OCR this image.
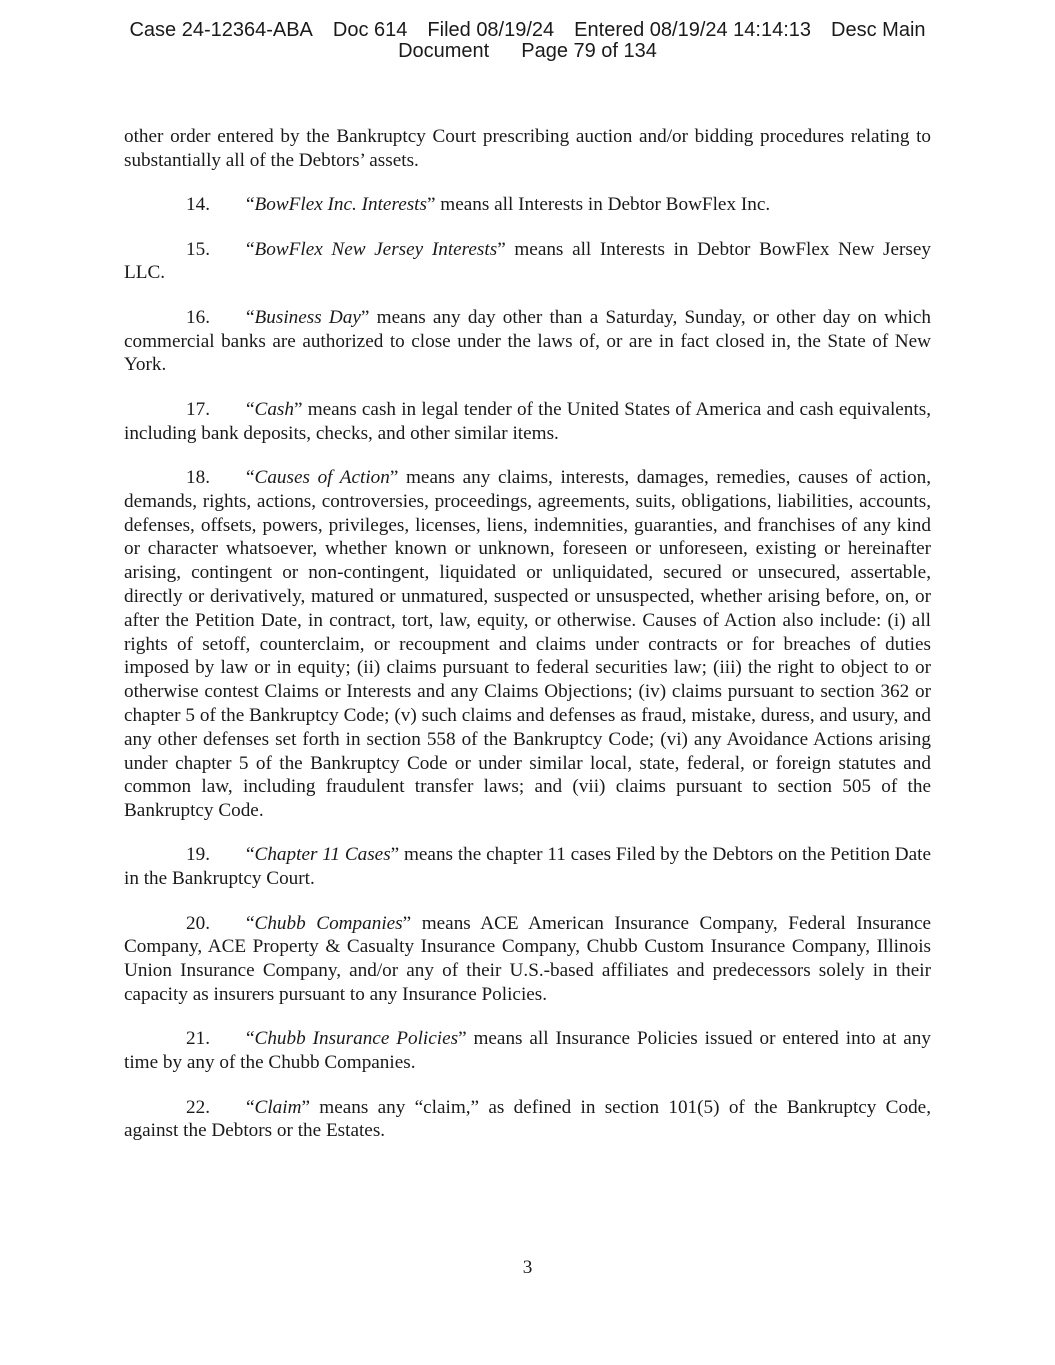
Case 24-12364-ABA Doc 614 Filed 08/19/24 Entered 08/19/24 14:14:13 Desc Main
Document Page 79 of 134

other order entered by the Bankruptcy Court prescribing auction and/or bidding procedures relating to substantially all of the Debtors’ assets.

14. “BowFlex Inc. Interests” means all Interests in Debtor BowFlex Inc.

15. “BowFlex New Jersey Interests” means all Interests in Debtor BowFlex New Jersey LLC.

16. “Business Day” means any day other than a Saturday, Sunday, or other day on which commercial banks are authorized to close under the laws of, or are in fact closed in, the State of New York.

17. “Cash” means cash in legal tender of the United States of America and cash equivalents, including bank deposits, checks, and other similar items.

18. “Causes of Action” means any claims, interests, damages, remedies, causes of action, demands, rights, actions, controversies, proceedings, agreements, suits, obligations, liabilities, accounts, defenses, offsets, powers, privileges, licenses, liens, indemnities, guaranties, and franchises of any kind or character whatsoever, whether known or unknown, foreseen or unforeseen, existing or hereinafter arising, contingent or non-contingent, liquidated or unliquidated, secured or unsecured, assertable, directly or derivatively, matured or unmatured, suspected or unsuspected, whether arising before, on, or after the Petition Date, in contract, tort, law, equity, or otherwise. Causes of Action also include: (i) all rights of setoff, counterclaim, or recoupment and claims under contracts or for breaches of duties imposed by law or in equity; (ii) claims pursuant to federal securities law; (iii) the right to object to or otherwise contest Claims or Interests and any Claims Objections; (iv) claims pursuant to section 362 or chapter 5 of the Bankruptcy Code; (v) such claims and defenses as fraud, mistake, duress, and usury, and any other defenses set forth in section 558 of the Bankruptcy Code; (vi) any Avoidance Actions arising under chapter 5 of the Bankruptcy Code or under similar local, state, federal, or foreign statutes and common law, including fraudulent transfer laws; and (vii) claims pursuant to section 505 of the Bankruptcy Code.

19. “Chapter 11 Cases” means the chapter 11 cases Filed by the Debtors on the Petition Date in the Bankruptcy Court.

20. “Chubb Companies” means ACE American Insurance Company, Federal Insurance Company, ACE Property & Casualty Insurance Company, Chubb Custom Insurance Company, Illinois Union Insurance Company, and/or any of their U.S.-based affiliates and predecessors solely in their capacity as insurers pursuant to any Insurance Policies.

21. “Chubb Insurance Policies” means all Insurance Policies issued or entered into at any time by any of the Chubb Companies.

22. “Claim” means any “claim,” as defined in section 101(5) of the Bankruptcy Code, against the Debtors or the Estates.

3
